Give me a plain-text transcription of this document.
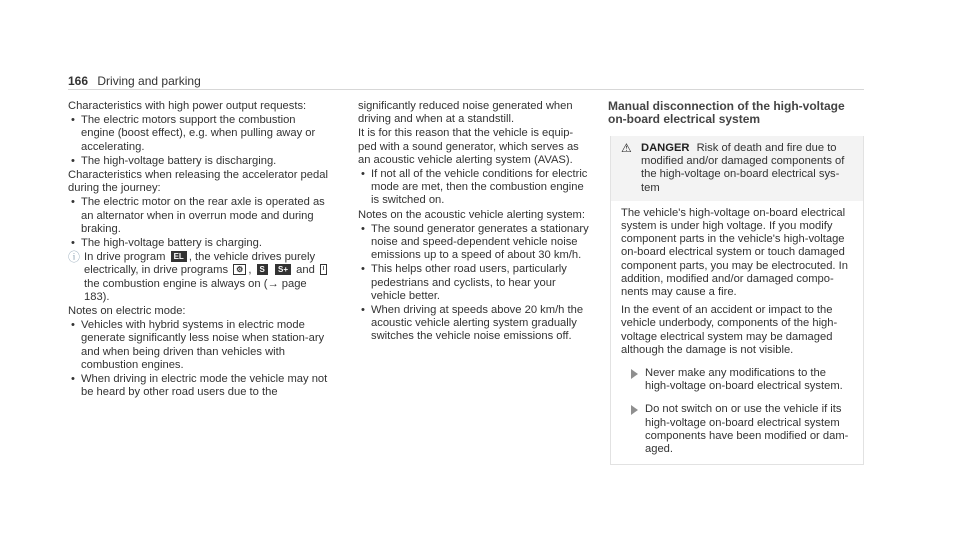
166 Driving and parking

Characteristics with high power output requests:

• The electric motors support the combustion engine (boost effect), e.g. when pulling away or accelerating.

• The high-voltage battery is discharging.

Characteristics when releasing the accelerator pedal during the journey:

• The electric motor on the rear axle is operated as an alternator when in overrun mode and during braking.

• The high-voltage battery is charging.

ⓘ In drive program EL , the vehicle drives purely electrically, in drive programs ⚙ , S S+ and ᴵ the combustion engine is always on (→ page 183).

Notes on electric mode:

• Vehicles with hybrid systems in electric mode generate significantly less noise when station-ary and when being driven than vehicles with combustion engines.

• When driving in electric mode the vehicle may not be heard by other road users due to the

significantly reduced noise generated when driving and when at a standstill.

It is for this reason that the vehicle is equip-ped with a sound generator, which serves as an acoustic vehicle alerting system (AVAS).

• If not all of the vehicle conditions for electric mode are met, then the combustion engine is switched on.

Notes on the acoustic vehicle alerting system:

• The sound generator generates a stationary noise and speed-dependent vehicle noise emissions up to a speed of about 30 km/h.

• This helps other road users, particularly pedestrians and cyclists, to hear your vehicle better.

• When driving at speeds above 20 km/h the acoustic vehicle alerting system gradually switches the vehicle noise emissions off.

Manual disconnection of the high-voltage on-board electrical system
⚠ DANGER Risk of death and fire due to modified and/or damaged components of the high-voltage on-board electrical sys-tem

The vehicle's high-voltage on-board electrical system is under high voltage. If you modify component parts in the vehicle's high-voltage on-board electrical system or touch damaged component parts, you may be electrocuted. In addition, modified and/or damaged compo-nents may cause a fire.

In the event of an accident or impact to the vehicle underbody, components of the high-voltage electrical system may be damaged although the damage is not visible.

Never make any modifications to the high-voltage on-board electrical system.
Do not switch on or use the vehicle if its high-voltage on-board electrical system components have been modified or dam-aged.
